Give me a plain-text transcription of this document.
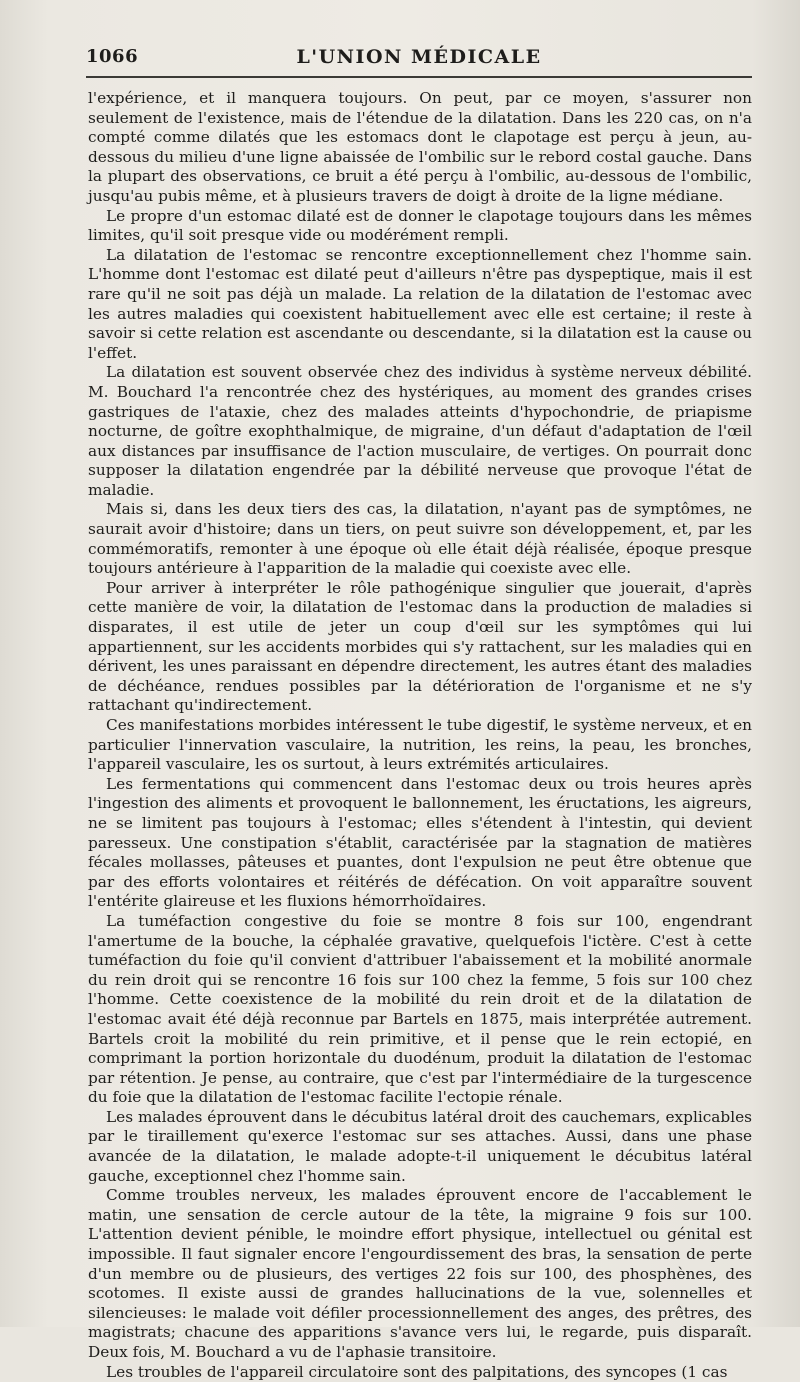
1066	L'UNION MÉDICALE

l'expérience, et il manquera toujours. On peut, par ce moyen, s'assurer non seulement de l'existence, mais de l'étendue de la dilatation. Dans les 220 cas, on n'a compté comme dilatés que les estomacs dont le clapotage est perçu à jeun, au-dessous du milieu d'une ligne abaissée de l'ombilic sur le rebord costal gauche. Dans la plupart des observations, ce bruit a été perçu à l'ombilic, au-dessous de l'ombilic, jusqu'au pubis même, et à plusieurs travers de doigt à droite de la ligne médiane.

Le propre d'un estomac dilaté est de donner le clapotage toujours dans les mêmes limites, qu'il soit presque vide ou modérément rempli.

La dilatation de l'estomac se rencontre exceptionnellement chez l'homme sain. L'homme dont l'estomac est dilaté peut d'ailleurs n'être pas dyspeptique, mais il est rare qu'il ne soit pas déjà un malade. La relation de la dilatation de l'estomac avec les autres maladies qui coexistent habituellement avec elle est certaine; il reste à savoir si cette relation est ascendante ou descendante, si la dilatation est la cause ou l'effet.

La dilatation est souvent observée chez des individus à système nerveux débilité. M. Bouchard l'a rencontrée chez des hystériques, au moment des grandes crises gastriques de l'ataxie, chez des malades atteints d'hypochondrie, de priapisme nocturne, de goître exophthalmique, de migraine, d'un défaut d'adaptation de l'œil aux distances par insuffisance de l'action musculaire, de vertiges. On pourrait donc supposer la dilatation engendrée par la débilité nerveuse que provoque l'état de maladie.

Mais si, dans les deux tiers des cas, la dilatation, n'ayant pas de symptômes, ne saurait avoir d'histoire; dans un tiers, on peut suivre son développement, et, par les commémoratifs, remonter à une époque où elle était déjà réalisée, époque presque toujours antérieure à l'apparition de la maladie qui coexiste avec elle.

Pour arriver à interpréter le rôle pathogénique singulier que jouerait, d'après cette manière de voir, la dilatation de l'estomac dans la production de maladies si disparates, il est utile de jeter un coup d'œil sur les symptômes qui lui appartiennent, sur les accidents morbides qui s'y rattachent, sur les maladies qui en dérivent, les unes paraissant en dépendre directement, les autres étant des maladies de déchéance, rendues possibles par la détérioration de l'organisme et ne s'y rattachant qu'indirectement.

Ces manifestations morbides intéressent le tube digestif, le système nerveux, et en particulier l'innervation vasculaire, la nutrition, les reins, la peau, les bronches, l'appareil vasculaire, les os surtout, à leurs extrémités articulaires.

Les fermentations qui commencent dans l'estomac deux ou trois heures après l'ingestion des aliments et provoquent le ballonnement, les éructations, les aigreurs, ne se limitent pas toujours à l'estomac; elles s'étendent à l'intestin, qui devient paresseux. Une constipation s'établit, caractérisée par la stagnation de matières fécales mollasses, pâteuses et puantes, dont l'expulsion ne peut être obtenue que par des efforts volontaires et réitérés de défécation. On voit apparaître souvent l'entérite glaireuse et les fluxions hémorrhoïdaires.

La tuméfaction congestive du foie se montre 8 fois sur 100, engendrant l'amertume de la bouche, la céphalée gravative, quelquefois l'ictère. C'est à cette tuméfaction du foie qu'il convient d'attribuer l'abaissement et la mobilité anormale du rein droit qui se rencontre 16 fois sur 100 chez la femme, 5 fois sur 100 chez l'homme. Cette coexistence de la mobilité du rein droit et de la dilatation de l'estomac avait été déjà reconnue par Bartels en 1875, mais interprétée autrement. Bartels croit la mobilité du rein primitive, et il pense que le rein ectopié, en comprimant la portion horizontale du duodénum, produit la dilatation de l'estomac par rétention. Je pense, au contraire, que c'est par l'intermédiaire de la turgescence du foie que la dilatation de l'estomac facilite l'ectopie rénale.

Les malades éprouvent dans le décubitus latéral droit des cauchemars, explicables par le tiraillement qu'exerce l'estomac sur ses attaches. Aussi, dans une phase avancée de la dilatation, le malade adopte-t-il uniquement le décubitus latéral gauche, exceptionnel chez l'homme sain.

Comme troubles nerveux, les malades éprouvent encore de l'accablement le matin, une sensation de cercle autour de la tête, la migraine 9 fois sur 100. L'attention devient pénible, le moindre effort physique, intellectuel ou génital est impossible. Il faut signaler encore l'engourdissement des bras, la sensation de perte d'un membre ou de plusieurs, des vertiges 22 fois sur 100, des phosphènes, des scotomes. Il existe aussi de grandes hallucinations de la vue, solennelles et silencieuses: le malade voit défiler processionnellement des anges, des prêtres, des magistrats; chacune des apparitions s'avance vers lui, le regarde, puis disparaît. Deux fois, M. Bouchard a vu de l'aphasie transitoire.

Les troubles de l'appareil circulatoire sont des palpitations, des syncopes (1 cas
